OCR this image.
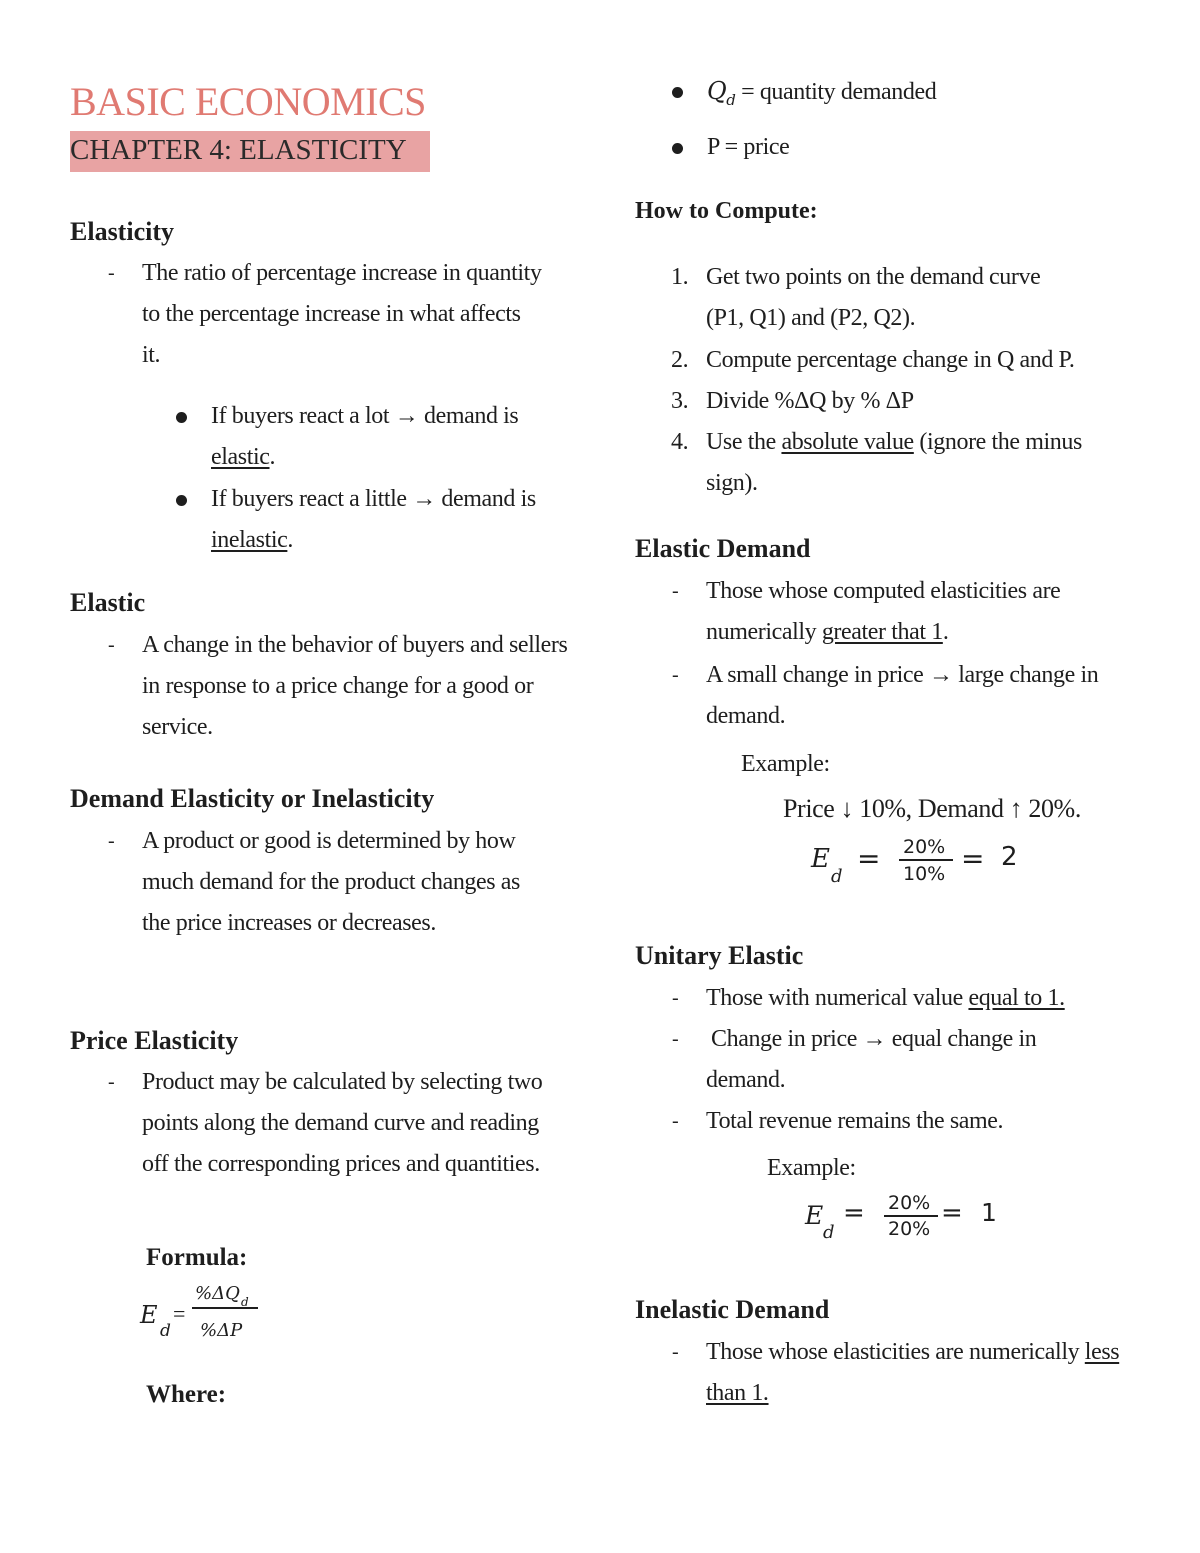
BASIC ECONOMICS
CHAPTER 4: ELASTICITY
Elasticity
- The ratio of percentage increase in quantity to the percentage increase in what affects it.
If buyers react a lot → demand is elastic.
If buyers react a little → demand is inelastic.
Elastic
- A change in the behavior of buyers and sellers in response to a price change for a good or service.
Demand Elasticity or Inelasticity
- A product or good is determined by how much demand for the product changes as the price increases or decreases.
Price Elasticity
- Product may be calculated by selecting two points along the demand curve and reading off the corresponding prices and quantities.
Formula:
E
d
=
%ΔQ d
%ΔP
Where:
$Q_d$ = quantity demanded
P = price
How to Compute:
1. Get two points on the demand curve
(P1, Q1) and (P2, Q2).
2. Compute percentage change in Q and P.
3. Divide %ΔQ by % ΔP
4. Use the absolute value (ignore the minus
sign).
Elastic Demand
- Those whose computed elasticities are numerically greater that 1.
- A small change in price → large change in demand.
Example:
Price ↓ 10%, Demand ↑ 20%.
E
d
= 20%
10% = 2
Unitary Elastic
- Those with numerical value equal to 1.
- Change in price → equal change in demand.
- Total revenue remains the same.
Example:
E
d
= 20%
20%
= 1
Inelastic Demand
- Those whose elasticities are numerically less than 1.
